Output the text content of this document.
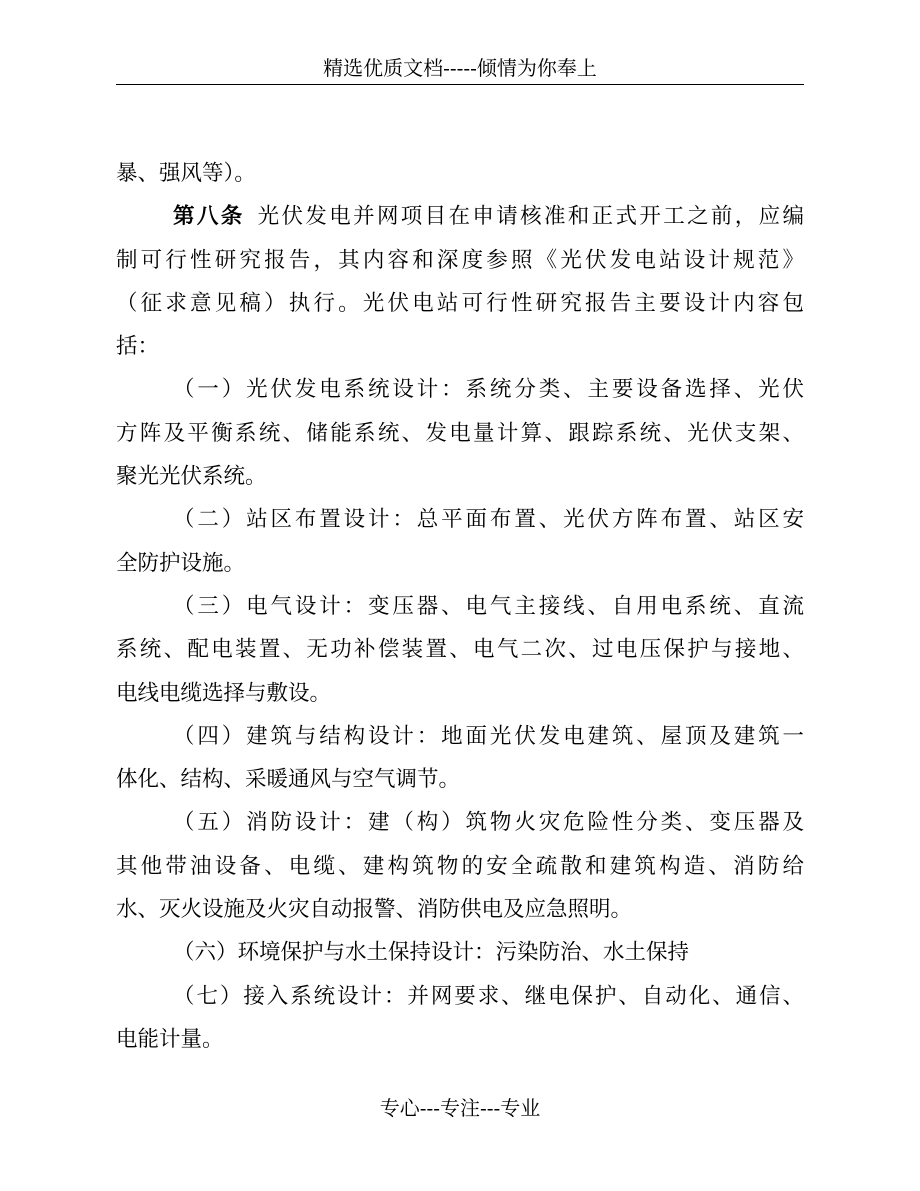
精选优质文档-----倾情为你奉上
暴、强风等）。
第八条  光伏发电并网项目在申请核准和正式开工之前，应编
制可行性研究报告，其内容和深度参照《光伏发电站设计规范》
（征求意见稿）执行。光伏电站可行性研究报告主要设计内容包
括：
（一）光伏发电系统设计：系统分类、主要设备选择、光伏
方阵及平衡系统、储能系统、发电量计算、跟踪系统、光伏支架、
聚光光伏系统。
（二）站区布置设计：总平面布置、光伏方阵布置、站区安
全防护设施。
（三）电气设计：变压器、电气主接线、自用电系统、直流
系统、配电装置、无功补偿装置、电气二次、过电压保护与接地、
电线电缆选择与敷设。
（四）建筑与结构设计：地面光伏发电建筑、屋顶及建筑一
体化、结构、采暖通风与空气调节。
（五）消防设计：建（构）筑物火灾危险性分类、变压器及
其他带油设备、电缆、建构筑物的安全疏散和建筑构造、消防给
水、灭火设施及火灾自动报警、消防供电及应急照明。
（六）环境保护与水土保持设计：污染防治、水土保持
（七）接入系统设计：并网要求、继电保护、自动化、通信、
电能计量。
专心---专注---专业
